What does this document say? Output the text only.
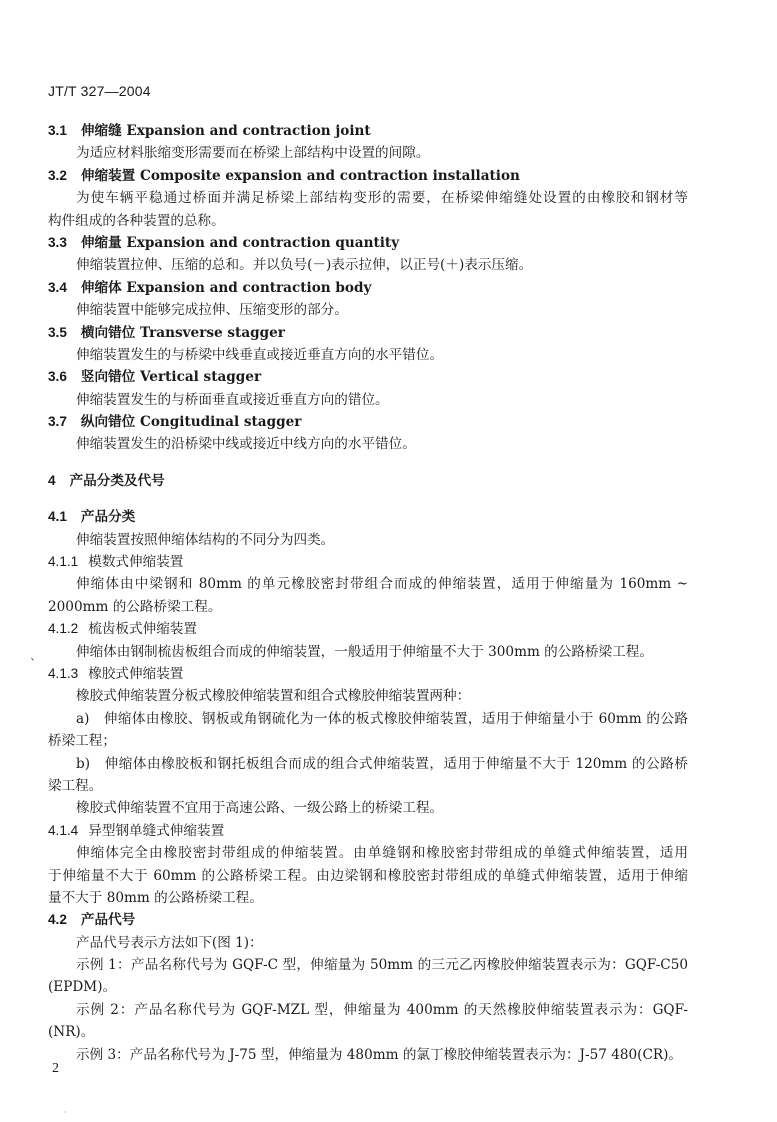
JT/T 327—2004
3.1 伸缩缝 Expansion and contraction joint
为适应材料胀缩变形需要而在桥梁上部结构中设置的间隙。
3.2 伸缩装置 Composite expansion and contraction installation
为使车辆平稳通过桥面并满足桥梁上部结构变形的需要，在桥梁伸缩缝处设置的由橡胶和钢材等
构件组成的各种装置的总称。
3.3 伸缩量 Expansion and contraction quantity
伸缩装置拉伸、压缩的总和。并以负号(－)表示拉伸，以正号(＋)表示压缩。
3.4 伸缩体 Expansion and contraction body
伸缩装置中能够完成拉伸、压缩变形的部分。
3.5 横向错位 Transverse stagger
伸缩装置发生的与桥梁中线垂直或接近垂直方向的水平错位。
3.6 竖向错位 Vertical stagger
伸缩装置发生的与桥面垂直或接近垂直方向的错位。
3.7 纵向错位 Congitudinal stagger
伸缩装置发生的沿桥梁中线或接近中线方向的水平错位。
4 产品分类及代号
4.1 产品分类
伸缩装置按照伸缩体结构的不同分为四类。
4.1.1 模数式伸缩装置
伸缩体由中梁钢和 80mm 的单元橡胶密封带组合而成的伸缩装置，适用于伸缩量为 160mm ~
2000mm 的公路桥梁工程。
4.1.2 梳齿板式伸缩装置
伸缩体由钢制梳齿板组合而成的伸缩装置，一般适用于伸缩量不大于 300mm 的公路桥梁工程。
4.1.3 橡胶式伸缩装置
橡胶式伸缩装置分板式橡胶伸缩装置和组合式橡胶伸缩装置两种：
a)　伸缩体由橡胶、钢板或角钢硫化为一体的板式橡胶伸缩装置，适用于伸缩量小于 60mm 的公路
桥梁工程；
b)　伸缩体由橡胶板和钢托板组合而成的组合式伸缩装置，适用于伸缩量不大于 120mm 的公路桥
梁工程。
橡胶式伸缩装置不宜用于高速公路、一级公路上的桥梁工程。
4.1.4 异型钢单缝式伸缩装置
伸缩体完全由橡胶密封带组成的伸缩装置。由单缝钢和橡胶密封带组成的单缝式伸缩装置，适用
于伸缩量不大于 60mm 的公路桥梁工程。由边梁钢和橡胶密封带组成的单缝式伸缩装置，适用于伸缩
量不大于 80mm 的公路桥梁工程。
4.2 产品代号
产品代号表示方法如下(图 1)：
示例 1：产品名称代号为 GQF-C 型，伸缩量为 50mm 的三元乙丙橡胶伸缩装置表示为：GQF-C50
(EPDM)。
示例 2：产品名称代号为 GQF-MZL 型，伸缩量为 400mm 的天然橡胶伸缩装置表示为：GQF-
(NR)。
示例 3：产品名称代号为 J-75 型，伸缩量为 480mm 的氯丁橡胶伸缩装置表示为：J-57 480(CR)。
`
2
·
